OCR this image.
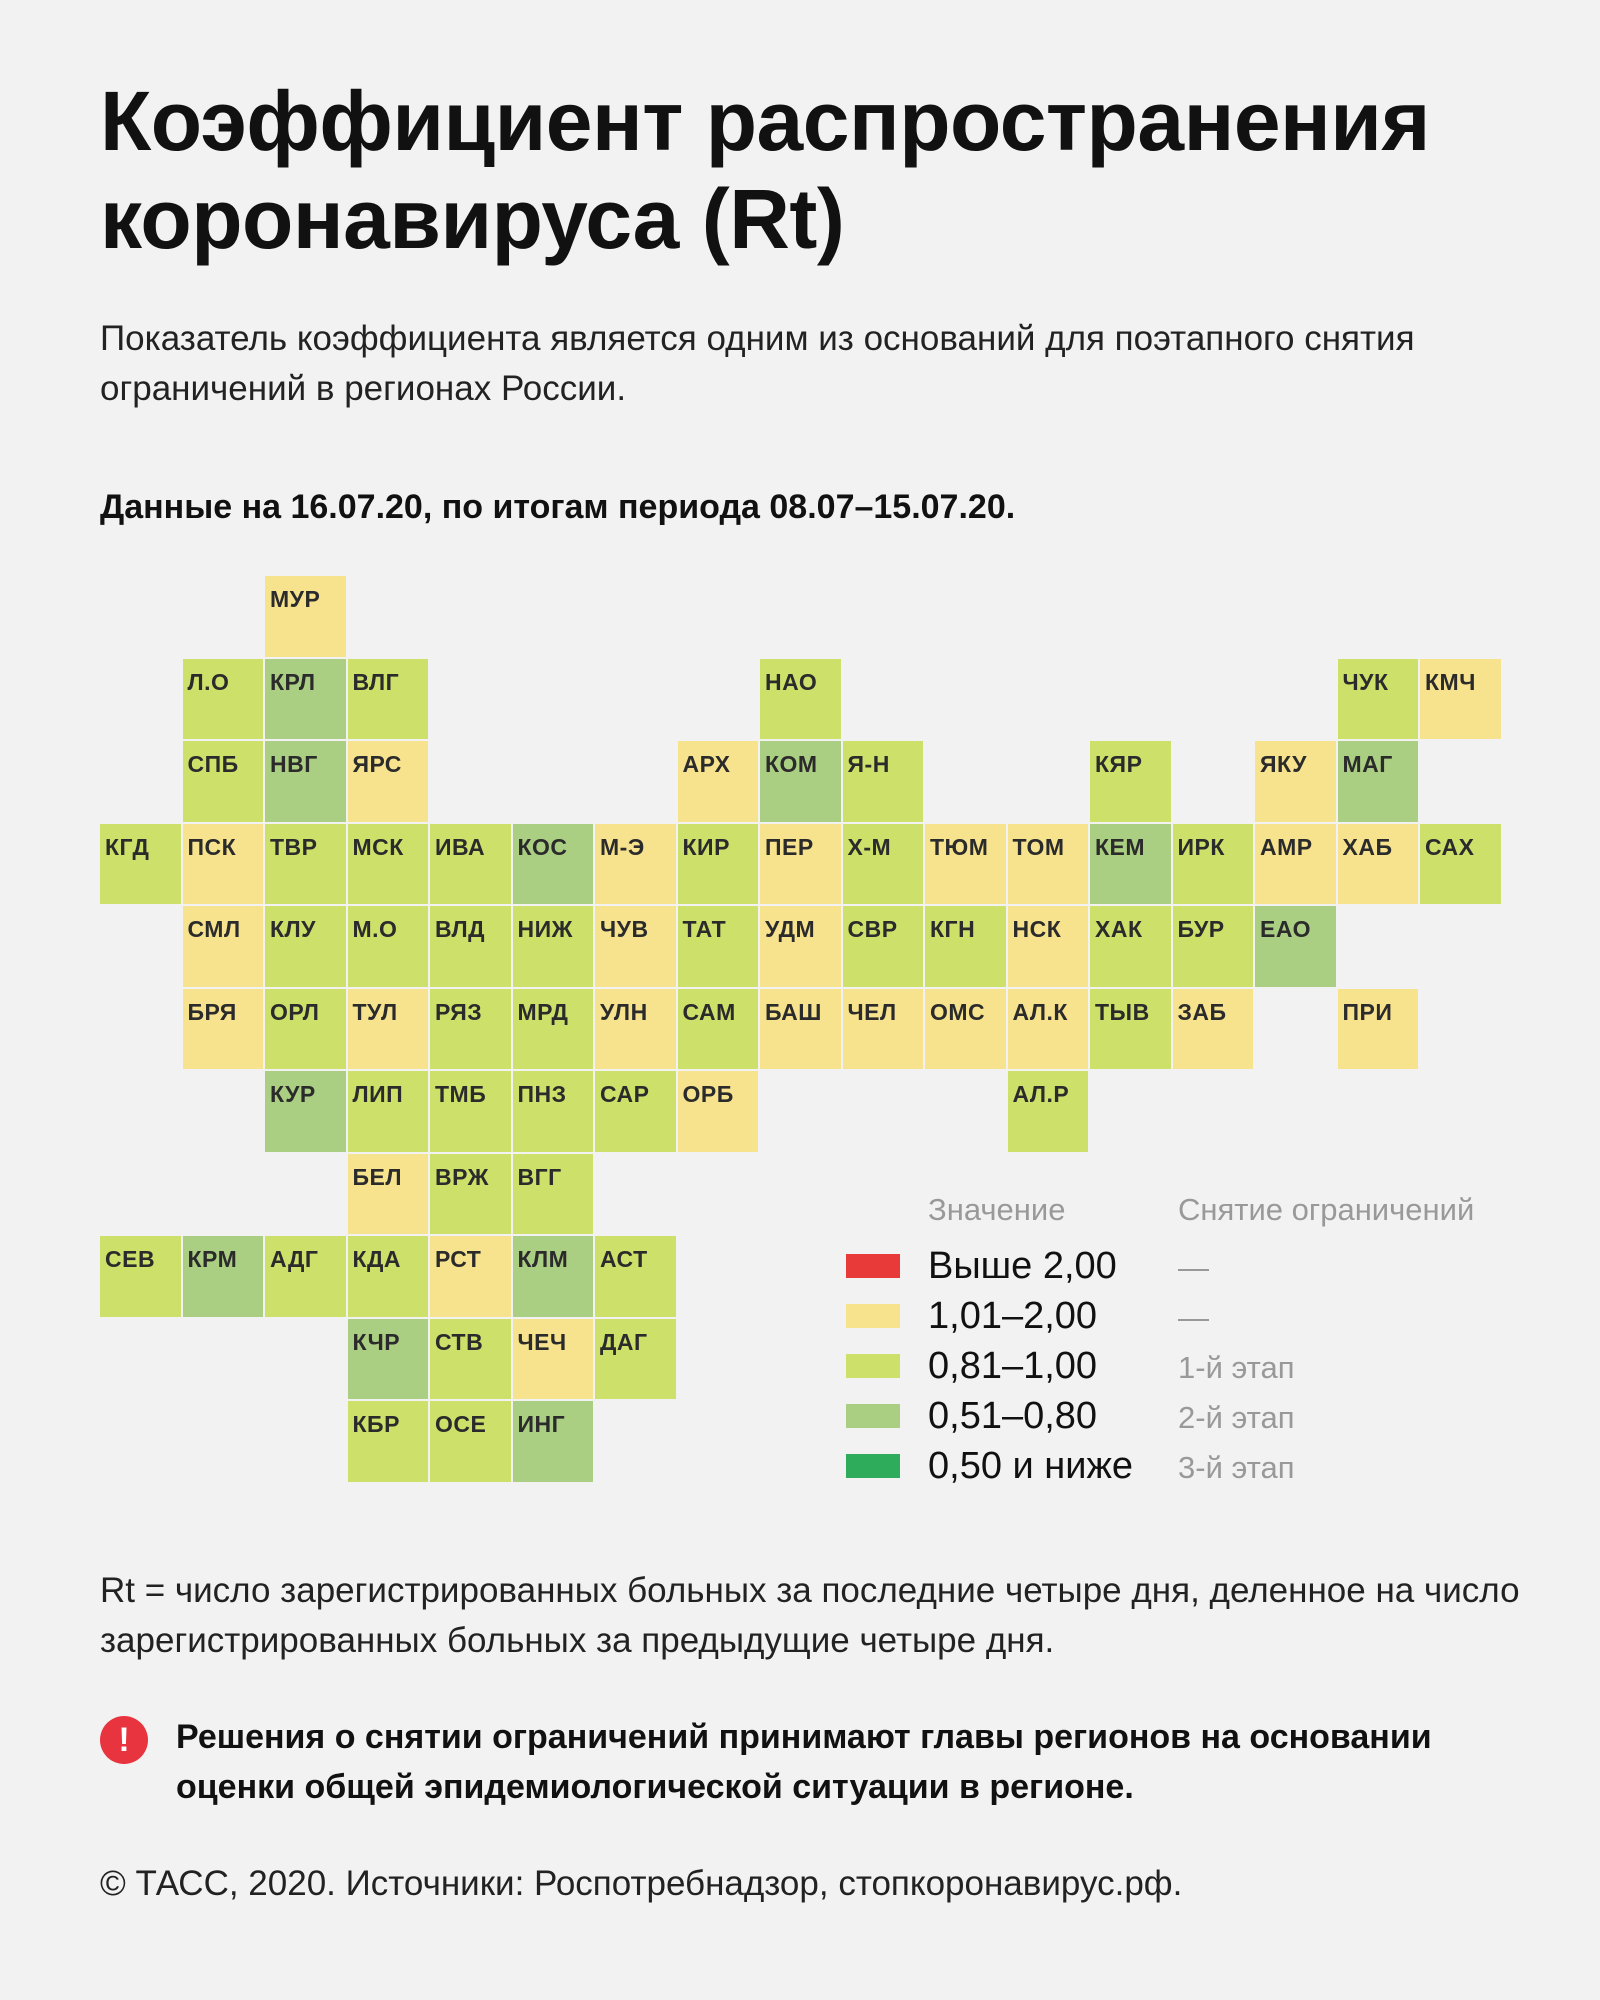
Коэффициент распространения коронавируса (Rt)
Показатель коэффициента является одним из оснований для поэтапного снятия ограничений в регионах России.
Данные на 16.07.20, по итогам периода 08.07–15.07.20.
МУР
Л.О	КРЛ	ВЛГ	НАО	ЧУК	КМЧ
СПБ	НВГ	ЯРС	АРХ	КОМ	Я-Н	КЯР	ЯКУ	МАГ
КГД	ПСК	ТВР	МСК	ИВА	КОС	М-Э	КИР	ПЕР	Х-М	ТЮМ	ТОМ	КЕМ	ИРК	АМР	ХАБ	САХ
СМЛ	КЛУ	М.О	ВЛД	НИЖ	ЧУВ	ТАТ	УДМ	СВР	КГН	НСК	ХАК	БУР	ЕАО
БРЯ	ОРЛ	ТУЛ	РЯЗ	МРД	УЛН	САМ	БАШ	ЧЕЛ	ОМС	АЛ.К	ТЫВ	ЗАБ	ПРИ
КУР	ЛИП	ТМБ	ПНЗ	САР	ОРБ	АЛ.Р
БЕЛ	ВРЖ	ВГГ
СЕВ	КРМ	АДГ	КДА	РСТ	КЛМ	АСТ
КЧР	СТВ	ЧЕЧ	ДАГ
КБР	ОСЕ	ИНГ
Значение	Снятие ограничений
Выше 2,00 —
1,01–2,00	—
0,81–1,00	1-й этап
0,51–0,80	2-й этап
0,50 и ниже 3-й этап
Rt = число зарегистрированных больных за последние четыре дня, деленное на число зарегистрированных больных за предыдущие четыре дня.
!	Решения о снятии ограничений принимают главы регионов на основании оценки общей эпидемиологической ситуации в регионе.
© ТАСС, 2020. Источники: Роспотребнадзор, стопкоронавирус.рф.
